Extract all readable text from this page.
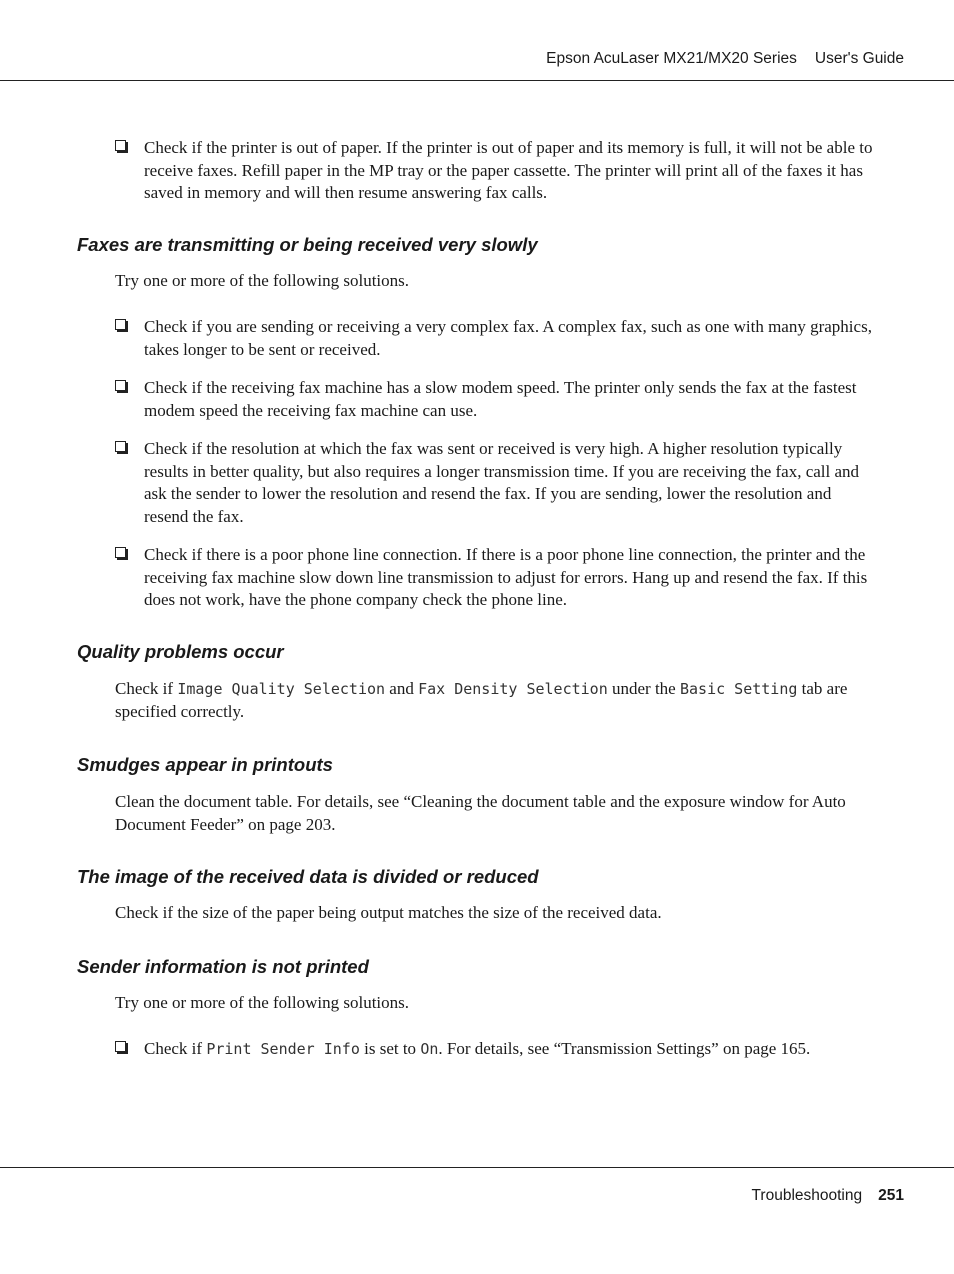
Epson AcuLaser MX21/MX20 Series User's Guide
Check if the printer is out of paper. If the printer is out of paper and its memory is full, it will not be able to receive faxes. Refill paper in the MP tray or the paper cassette. The printer will print all of the faxes it has saved in memory and will then resume answering fax calls.
Faxes are transmitting or being received very slowly
Try one or more of the following solutions.
Check if you are sending or receiving a very complex fax. A complex fax, such as one with many graphics, takes longer to be sent or received.
Check if the receiving fax machine has a slow modem speed. The printer only sends the fax at the fastest modem speed the receiving fax machine can use.
Check if the resolution at which the fax was sent or received is very high. A higher resolution typically results in better quality, but also requires a longer transmission time. If you are receiving the fax, call and ask the sender to lower the resolution and resend the fax. If you are sending, lower the resolution and resend the fax.
Check if there is a poor phone line connection. If there is a poor phone line connection, the printer and the receiving fax machine slow down line transmission to adjust for errors. Hang up and resend the fax. If this does not work, have the phone company check the phone line.
Quality problems occur
Check if Image Quality Selection and Fax Density Selection under the Basic Setting tab are specified correctly.
Smudges appear in printouts
Clean the document table. For details, see “Cleaning the document table and the exposure window for Auto Document Feeder” on page 203.
The image of the received data is divided or reduced
Check if the size of the paper being output matches the size of the received data.
Sender information is not printed
Try one or more of the following solutions.
Check if Print Sender Info is set to On. For details, see “Transmission Settings” on page 165.
Troubleshooting 251
